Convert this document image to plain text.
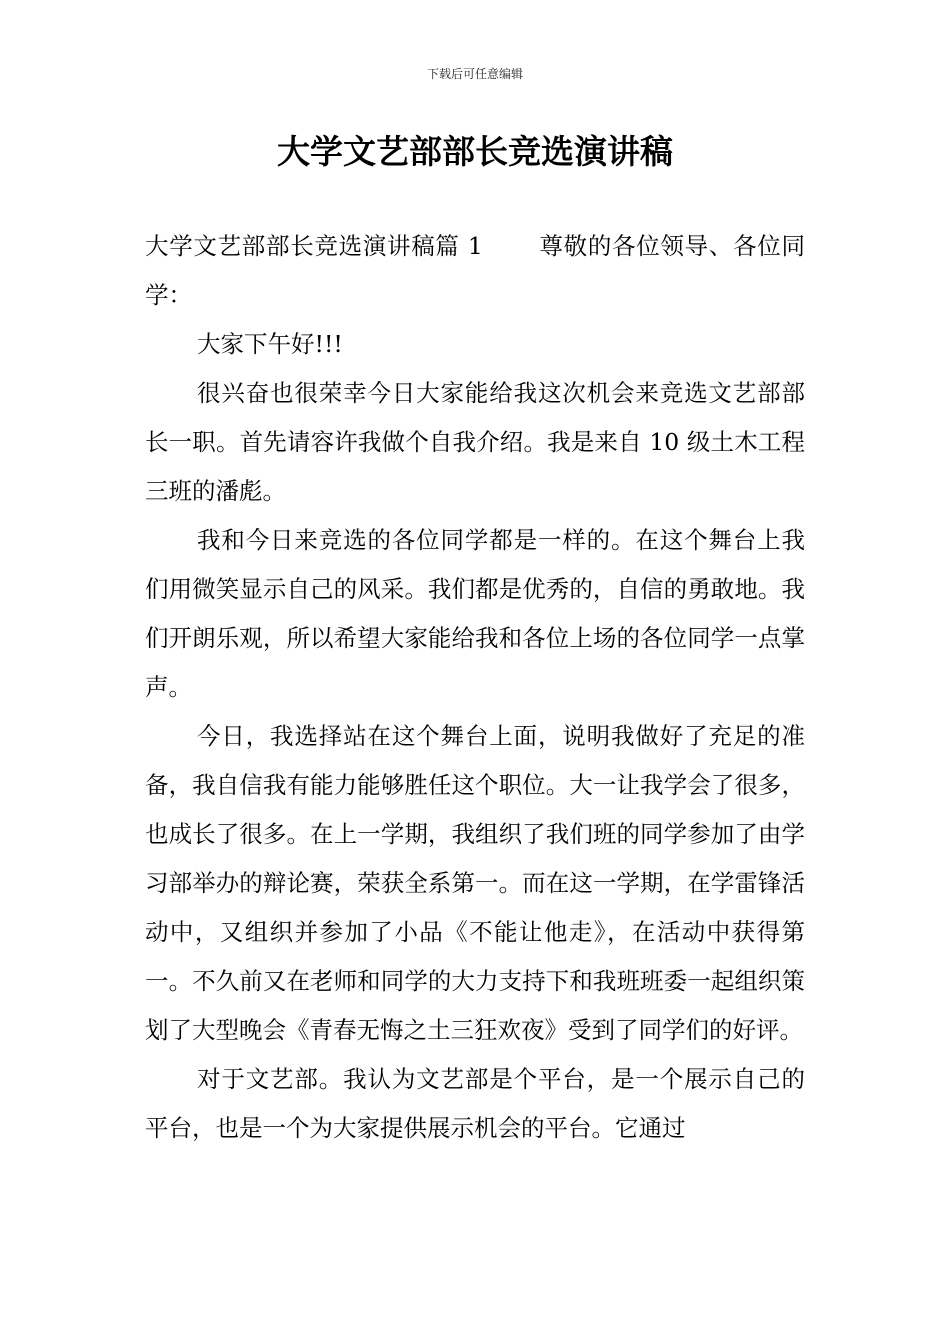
下载后可任意编辑
大学文艺部部长竞选演讲稿

大学文艺部部长竞选演讲稿篇 1 尊敬的各位领导、各位同学：

大家下午好!!!

很兴奋也很荣幸今日大家能给我这次机会来竞选文艺部部长一职。首先请容许我做个自我介绍。我是来自 10 级土木工程三班的潘彪。

我和今日来竞选的各位同学都是一样的。在这个舞台上我们用微笑显示自己的风采。我们都是优秀的，自信的勇敢地。我们开朗乐观，所以希望大家能给我和各位上场的各位同学一点掌声。

今日，我选择站在这个舞台上面，说明我做好了充足的准备，我自信我有能力能够胜任这个职位。大一让我学会了很多，也成长了很多。在上一学期，我组织了我们班的同学参加了由学习部举办的辩论赛，荣获全系第一。而在这一学期，在学雷锋活动中，又组织并参加了小品《不能让他走》，在活动中获得第一。不久前又在老师和同学的大力支持下和我班班委一起组织策划了大型晚会《青春无悔之土三狂欢夜》受到了同学们的好评。

对于文艺部。我认为文艺部是个平台，是一个展示自己的平台，也是一个为大家提供展示机会的平台。它通过
